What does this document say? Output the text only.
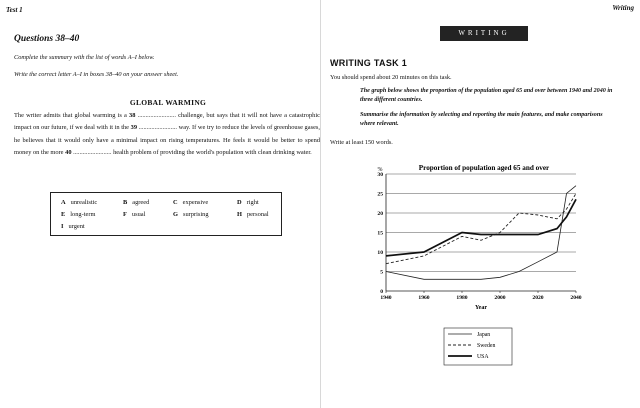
Test 1
Questions 38–40
Complete the summary with the list of words A–I below.
Write the correct letter A–I in boxes 38–40 on your answer sheet.
GLOBAL WARMING
The writer admits that global warming is a 38 ........................ challenge, but says that it will not have a catastrophic impact on our future, if we deal with it in the 39 ........................ way. If we try to reduce the levels of greenhouse gases, he believes that it would only have a minimal impact on rising temperatures. He feels it would be better to spend money on the more 40 ........................ health problem of providing the world's population with clean drinking water.
A unrealistic	B agreed	C expensive	D right
E long-term	F usual	G surprising	H personal
I urgent
Writing
WRITING
WRITING TASK 1
You should spend about 20 minutes on this task.
The graph below shows the proportion of the population aged 65 and over between 1940 and 2040 in three different countries.
Summarise the information by selecting and reporting the main features, and make comparisons where relevant.
Write at least 150 words.
Proportion of population aged 65 and over
%
0
5
10
15
20
25
30
1940	1960	1980	2000	2020	2040
Year
Japan
Sweden
USA
